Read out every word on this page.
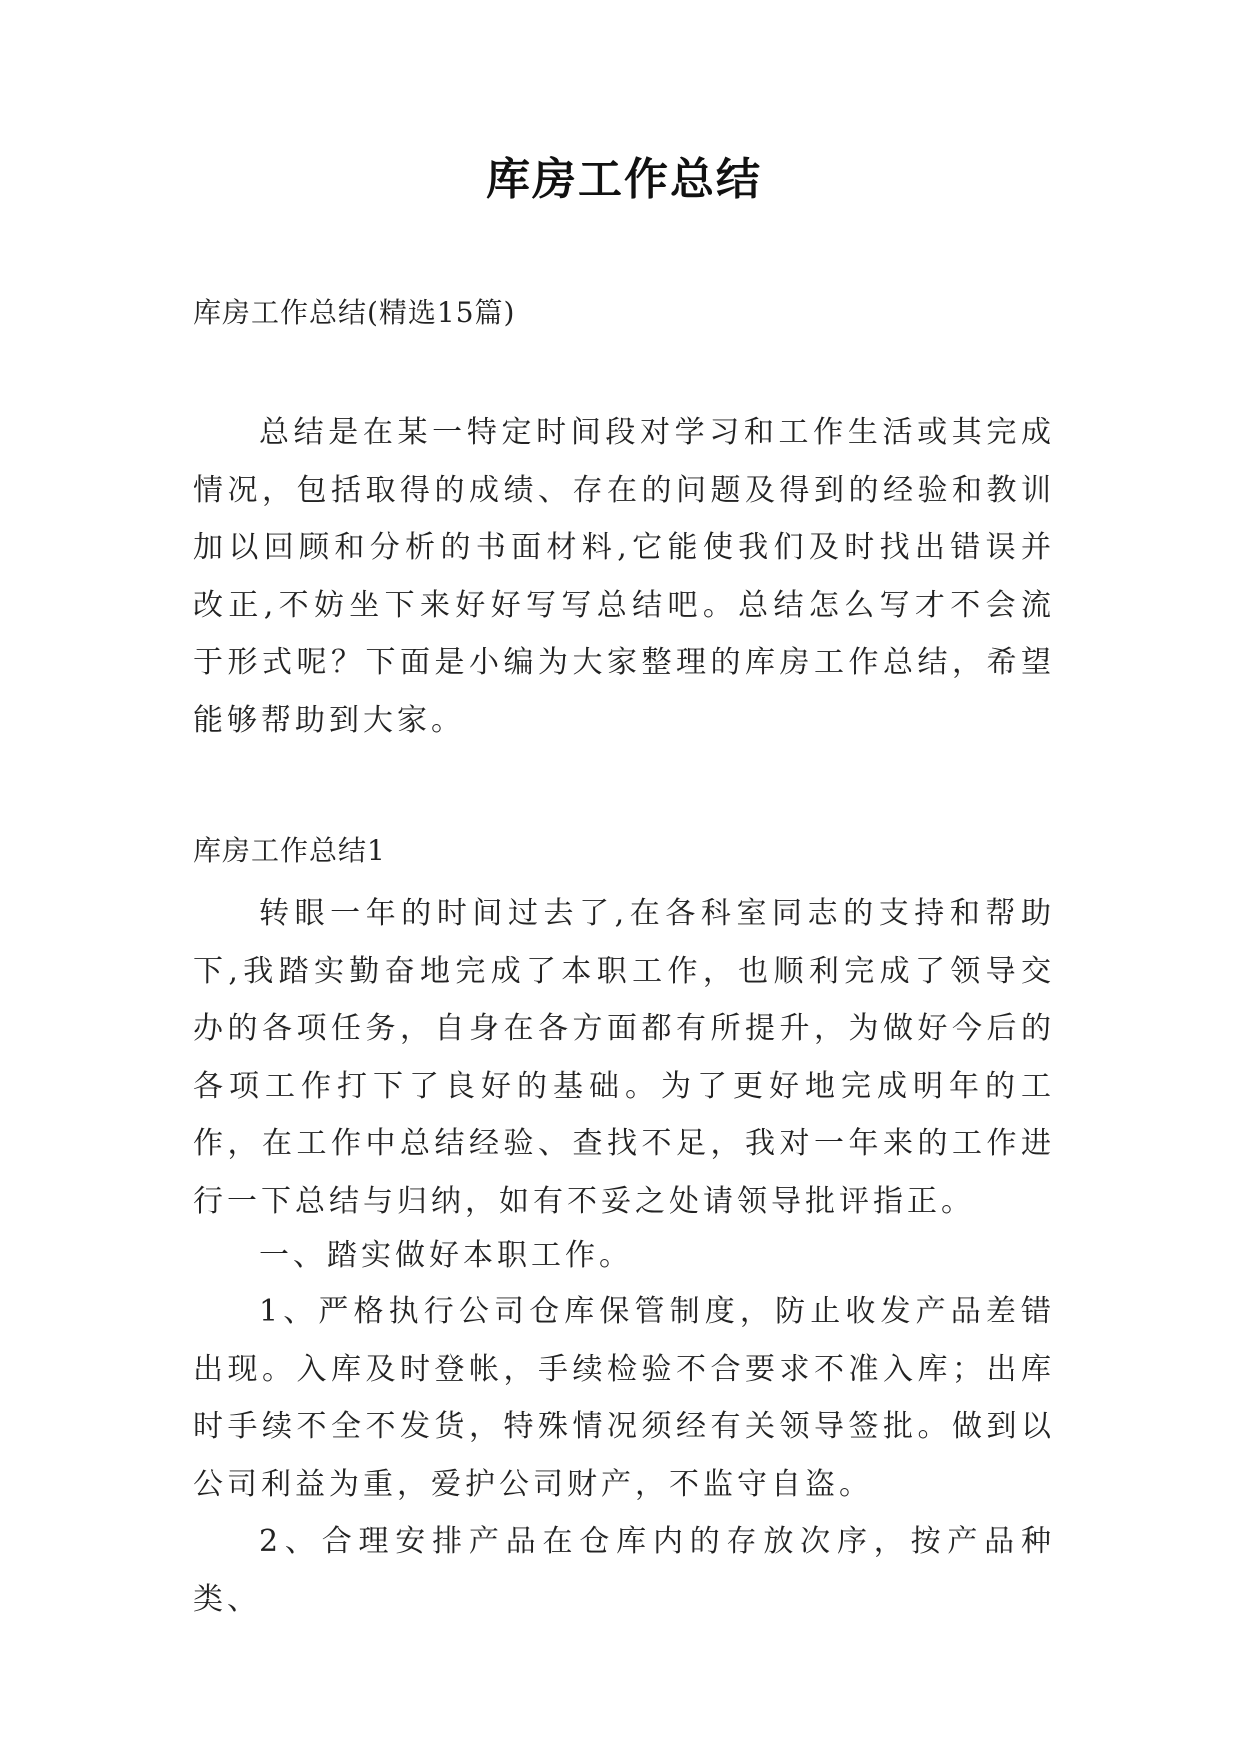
库房工作总结
库房工作总结(精选15篇)
总结是在某一特定时间段对学习和工作生活或其完成情况，包括取得的成绩、存在的问题及得到的经验和教训加以回顾和分析的书面材料,它能使我们及时找出错误并改正,不妨坐下来好好写写总结吧。总结怎么写才不会流于形式呢？下面是小编为大家整理的库房工作总结，希望能够帮助到大家。
库房工作总结1
转眼一年的时间过去了,在各科室同志的支持和帮助下,我踏实勤奋地完成了本职工作，也顺利完成了领导交办的各项任务，自身在各方面都有所提升，为做好今后的各项工作打下了良好的基础。为了更好地完成明年的工作，在工作中总结经验、查找不足，我对一年来的工作进行一下总结与归纳，如有不妥之处请领导批评指正。
一、踏实做好本职工作。
1、严格执行公司仓库保管制度，防止收发产品差错出现。入库及时登帐，手续检验不合要求不准入库；出库时手续不全不发货，特殊情况须经有关领导签批。做到以公司利益为重，爱护公司财产，不监守自盗。
2、合理安排产品在仓库内的存放次序，按产品种类、
